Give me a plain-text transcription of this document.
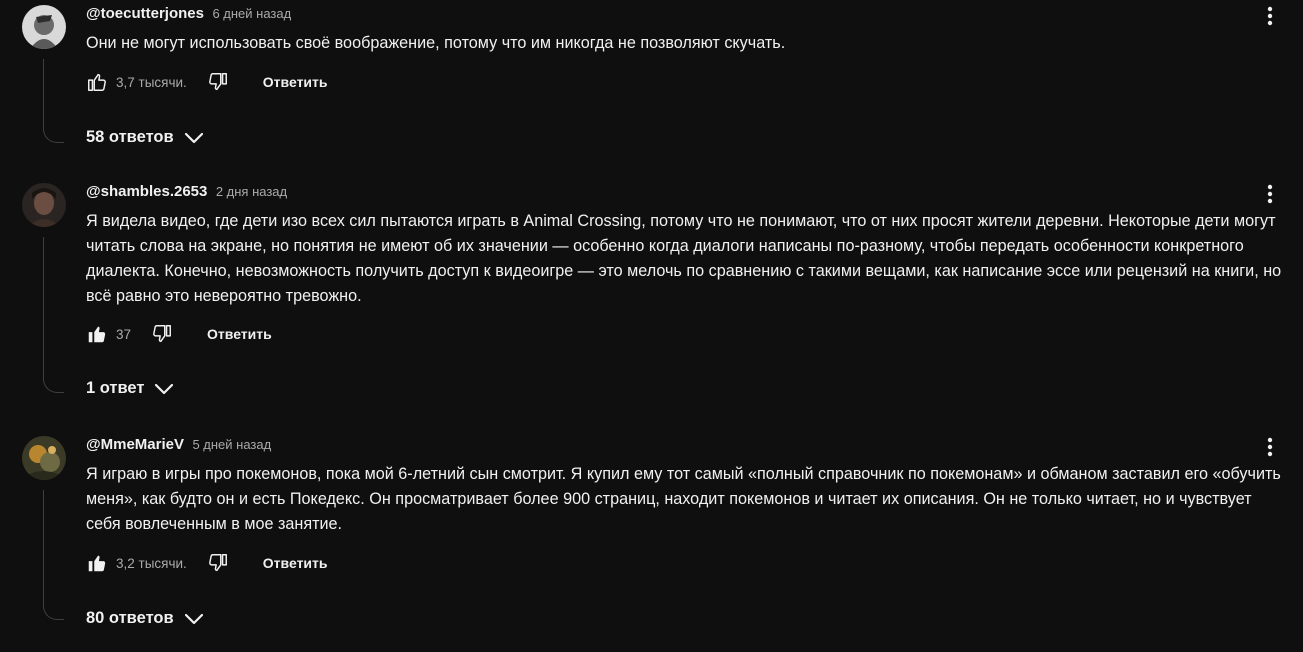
@toecutterjones 6 дней назад
Они не могут использовать своё воображение, потому что им никогда не позволяют скучать.
3,7 тысячи.	Ответить
58 ответов
@shambles.2653 2 дня назад
Я видела видео, где дети изо всех сил пытаются играть в Animal Crossing, потому что не понимают, что от них просят жители деревни. Некоторые дети могут читать слова на экране, но понятия не имеют об их значении — особенно когда диалоги написаны по-разному, чтобы передать особенности конкретного диалекта. Конечно, невозможность получить доступ к видеоигре — это мелочь по сравнению с такими вещами, как написание эссе или рецензий на книги, но всё равно это невероятно тревожно.
37	Ответить
1 ответ
@MmeMarieV 5 дней назад
Я играю в игры про покемонов, пока мой 6-летний сын смотрит. Я купил ему тот самый «полный справочник по покемонам» и обманом заставил его «обучить меня», как будто он и есть Покедекс. Он просматривает более 900 страниц, находит покемонов и читает их описания. Он не только читает, но и чувствует себя вовлеченным в мое занятие.
3,2 тысячи.	Ответить
80 ответов
